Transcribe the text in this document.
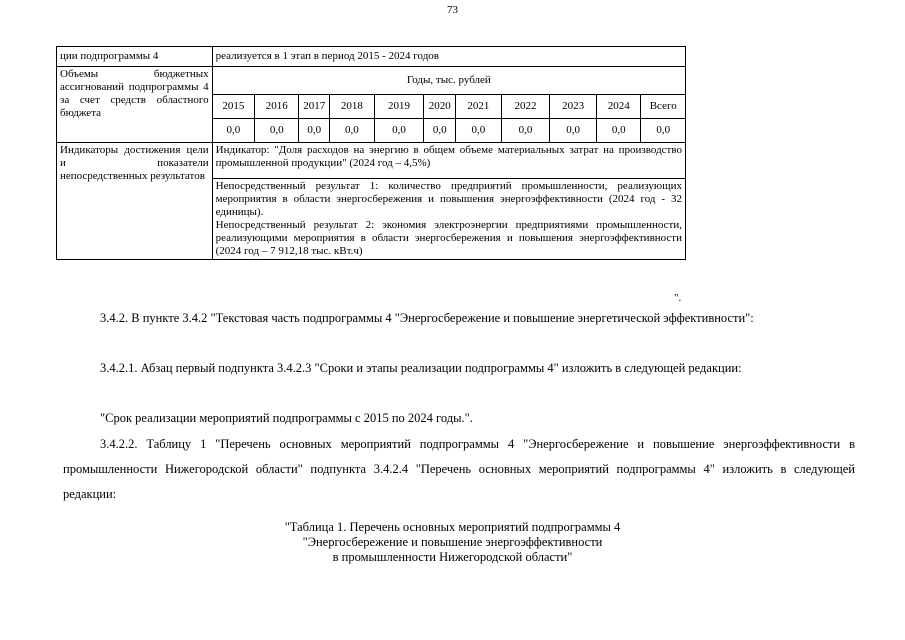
73
ции подпрограммы 4	реализуется в 1 этап в период 2015 - 2024 годов										
Объемы бюджетных ассигнований подпрограммы 4 за счет средств областного бюджета	Годы, тыс. рублей										
	2015	2016	2017	2018	2019	2020	2021	2022	2023	2024	Всего
	0,0	0,0	0,0	0,0	0,0	0,0	0,0	0,0	0,0	0,0	0,0
Индикаторы достижения цели и показатели непосредственных результатов	Индикатор: "Доля расходов на энергию в общем объеме материальных затрат на производство промышленной продукции" (2024 год – 4,5%)										

	Непосредственный результат 1: количество предприятий промышленности, реализующих мероприятия в области энергосбережения и повышения энергоэффективности (2024 год - 32 единицы).
Непосредственный результат 2: экономия электроэнергии предприятиями промышленности, реализующими мероприятия в области энергосбережения и повышения энергоэффективности (2024 год – 7 912,18 тыс. кВт.ч)										
".
3.4.2. В пункте 3.4.2 "Текстовая часть подпрограммы 4 "Энергосбережение и повышение энергетической эффективности":
3.4.2.1. Абзац первый подпункта 3.4.2.3 "Сроки и этапы реализации подпрограммы 4" изложить в следующей редакции:
"Срок реализации мероприятий подпрограммы с 2015 по 2024 годы.".
3.4.2.2. Таблицу 1 "Перечень основных мероприятий подпрограммы 4 "Энергосбережение и повышение энергоэффективности в промышленности Нижегородской области" подпункта 3.4.2.4 "Перечень основных мероприятий подпрограммы 4" изложить в следующей редакции:
"Таблица 1. Перечень основных мероприятий подпрограммы 4
"Энергосбережение и повышение энергоэффективности
в промышленности Нижегородской области"
